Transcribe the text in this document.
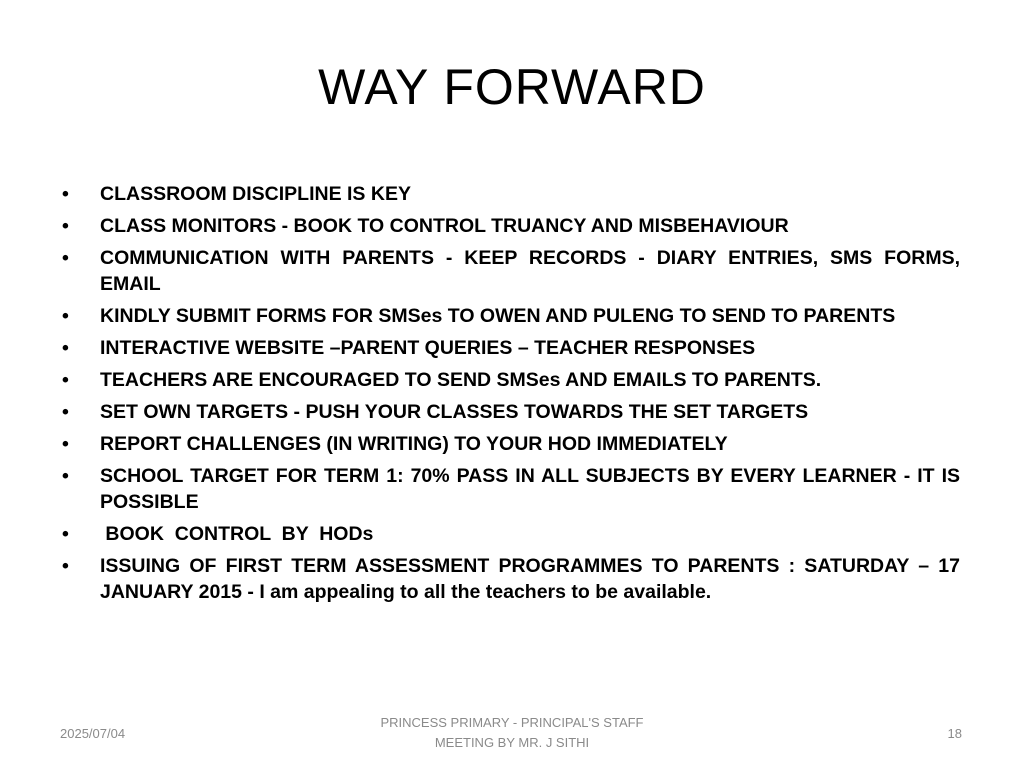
WAY FORWARD
• CLASSROOM DISCIPLINE IS KEY
• CLASS MONITORS - BOOK TO CONTROL TRUANCY AND MISBEHAVIOUR
• COMMUNICATION WITH PARENTS - KEEP RECORDS - DIARY ENTRIES, SMS FORMS, EMAIL
• KINDLY SUBMIT FORMS FOR SMSes TO OWEN AND PULENG TO SEND TO PARENTS
• INTERACTIVE WEBSITE –PARENT QUERIES – TEACHER RESPONSES
• TEACHERS ARE ENCOURAGED TO SEND SMSes AND EMAILS TO PARENTS.
• SET OWN TARGETS - PUSH YOUR CLASSES TOWARDS THE SET TARGETS
• REPORT CHALLENGES (IN WRITING) TO YOUR HOD IMMEDIATELY
• SCHOOL TARGET FOR TERM 1: 70% PASS IN ALL SUBJECTS BY EVERY LEARNER - IT IS POSSIBLE
• BOOK  CONTROL  BY  HODs
• ISSUING OF FIRST TERM ASSESSMENT PROGRAMMES TO PARENTS : SATURDAY – 17 JANUARY 2015 - I am appealing to all the teachers to be available.
2025/07/04
PRINCESS PRIMARY - PRINCIPAL'S STAFF
MEETING BY MR. J SITHI
18
